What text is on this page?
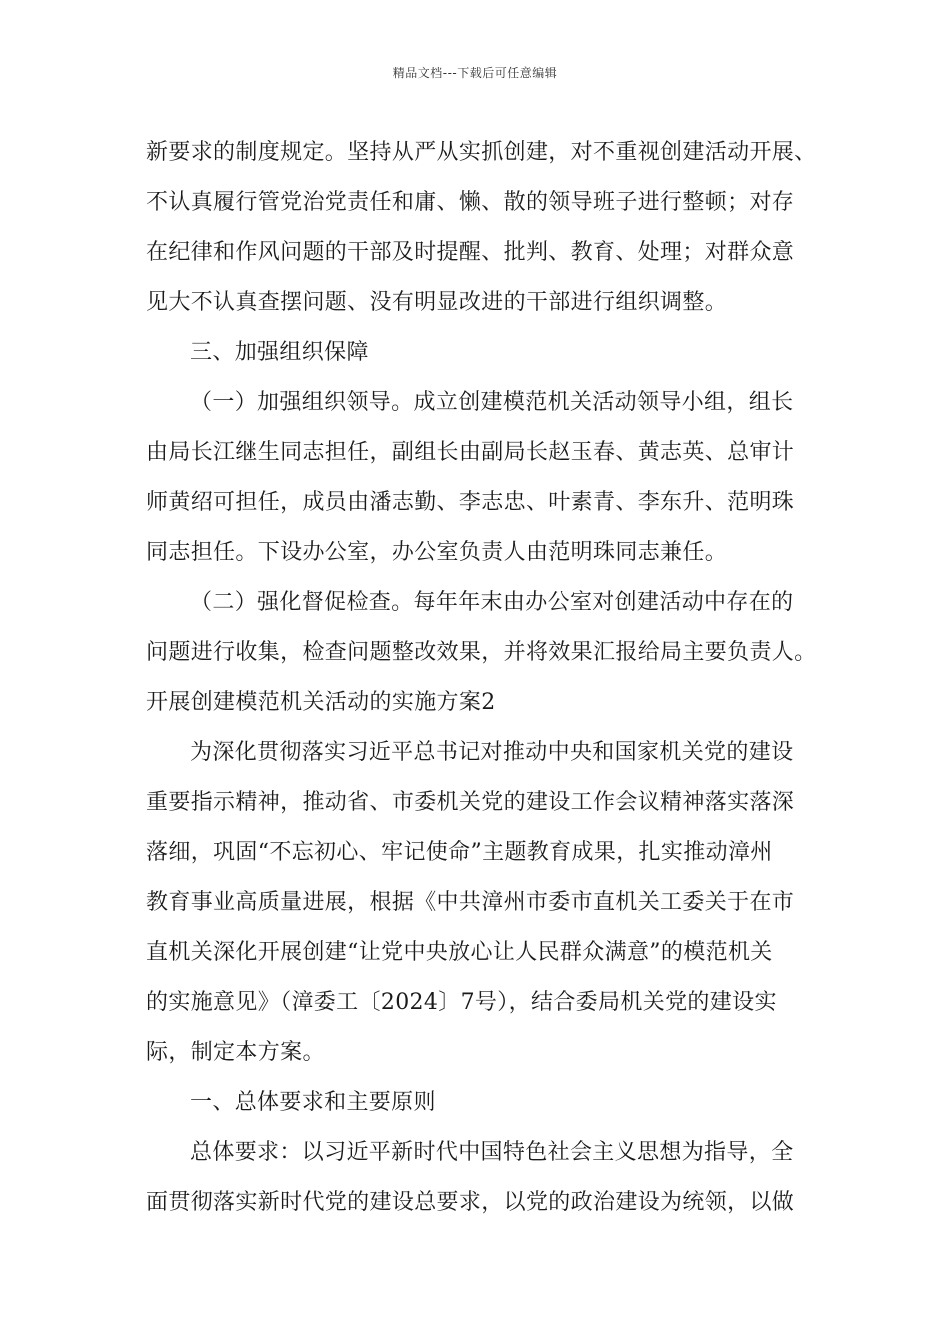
精品文档---下载后可任意编辑
新要求的制度规定。坚持从严从实抓创建，对不重视创建活动开展、
不认真履行管党治党责任和庸、懒、散的领导班子进行整顿；对存
在纪律和作风问题的干部及时提醒、批判、教育、处理；对群众意
见大不认真查摆问题、没有明显改进的干部进行组织调整。
三、加强组织保障
（一）加强组织领导。成立创建模范机关活动领导小组，组长
由局长江继生同志担任，副组长由副局长赵玉春、黄志英、总审计
师黄绍可担任，成员由潘志勤、李志忠、叶素青、李东升、范明珠
同志担任。下设办公室，办公室负责人由范明珠同志兼任。
（二）强化督促检查。每年年末由办公室对创建活动中存在的
问题进行收集，检查问题整改效果，并将效果汇报给局主要负责人。
开展创建模范机关活动的实施方案2
为深化贯彻落实习近平总书记对推动中央和国家机关党的建设
重要指示精神，推动省、市委机关党的建设工作会议精神落实落深
落细，巩固“不忘初心、牢记使命”主题教育成果，扎实推动漳州
教育事业高质量进展，根据《中共漳州市委市直机关工委关于在市
直机关深化开展创建“让党中央放心让人民群众满意”的模范机关
的实施意见》（漳委工〔2024〕7号），结合委局机关党的建设实
际，制定本方案。
一、总体要求和主要原则
总体要求：以习近平新时代中国特色社会主义思想为指导，全
面贯彻落实新时代党的建设总要求，以党的政治建设为统领，以做
